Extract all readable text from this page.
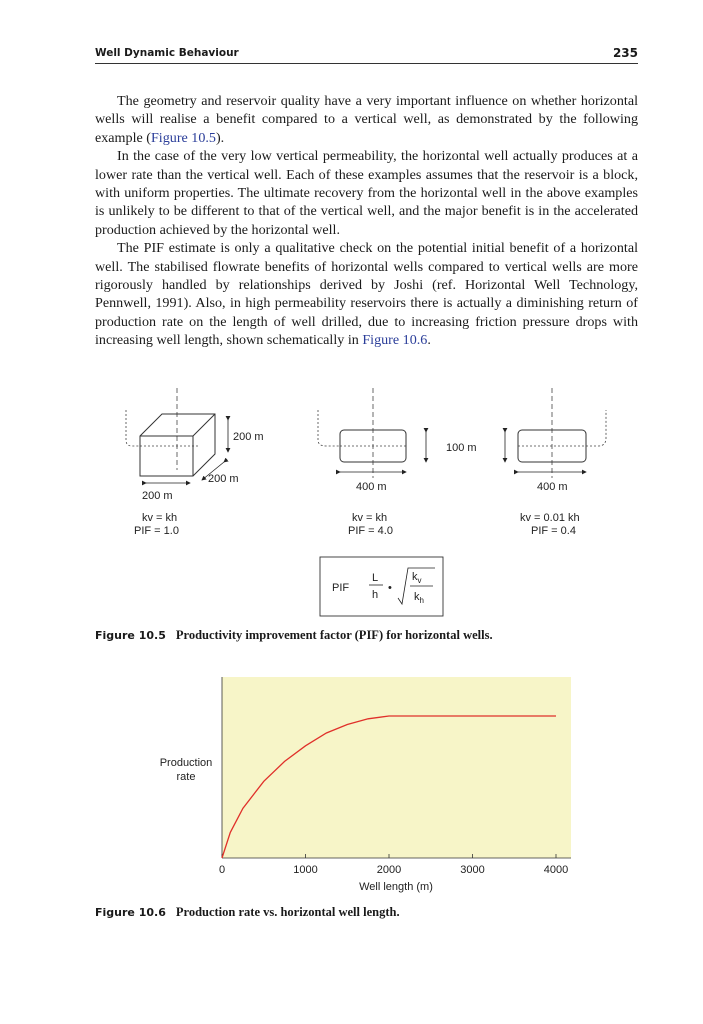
Well Dynamic Behaviour	235

The geometry and reservoir quality have a very important influence on whether horizontal wells will realise a benefit compared to a vertical well, as demonstrated by the following example (Figure 10.5).

In the case of the very low vertical permeability, the horizontal well actually produces at a lower rate than the vertical well. Each of these examples assumes that the reservoir is a block, with uniform properties. The ultimate recovery from the horizontal well in the above examples is unlikely to be different to that of the vertical well, and the major benefit is in the accelerated production achieved by the horizontal well.

The PIF estimate is only a qualitative check on the potential initial benefit of a horizontal well. The stabilised flowrate benefits of horizontal wells compared to vertical wells are more rigorously handled by relationships derived by Joshi (ref. Horizontal Well Technology, Pennwell, 1991). Also, in high permeability reservoirs there is actually a diminishing return of production rate on the length of well drilled, due to increasing friction pressure drops with increasing well length, shown schematically in Figure 10.6.

200 m
200 m
200 m
kv = kh
PIF = 1.0
100 m
400 m
kv = kh
PIF = 4.0
400 m
kv = 0.01 kh
PIF = 0.4
PIF
L
h
•
$k_v$
$k_h$
Figure 10.5 Productivity improvement factor (PIF) for horizontal wells.
0	1000	2000	3000	4000
Production
rate
Well length (m)
Figure 10.6 Production rate vs. horizontal well length.
